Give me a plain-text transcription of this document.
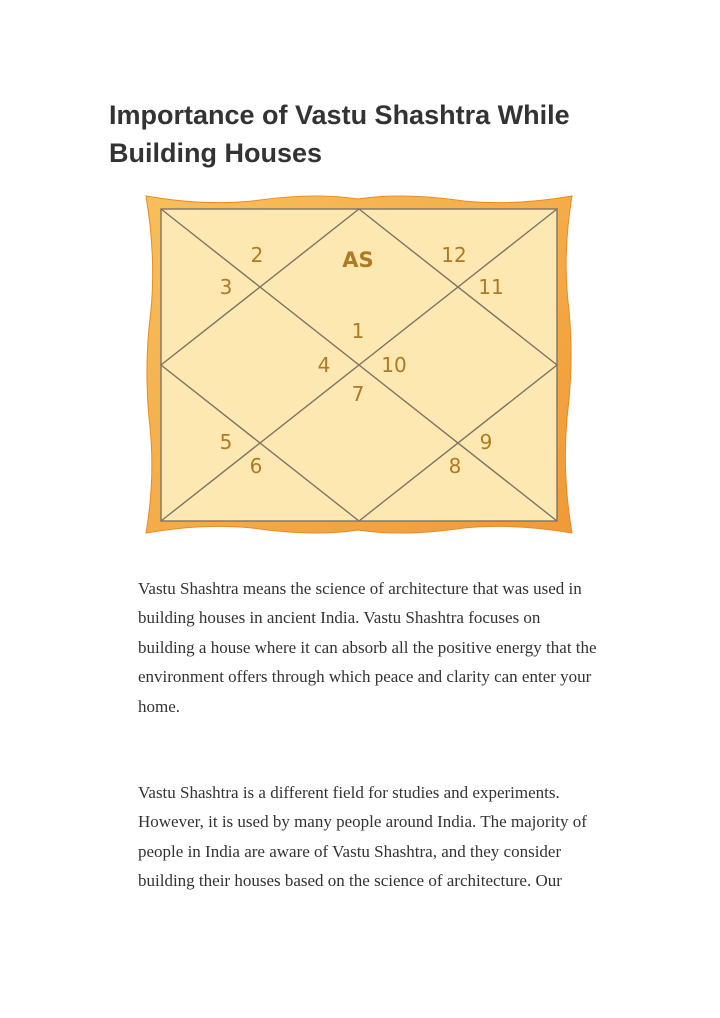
Importance of Vastu Shashtra While Building Houses
2	AS	12
3	11
1
4	10
7
5	9
6	8

Vastu Shashtra means the science of architecture that was used in building houses in ancient India. Vastu Shashtra focuses on building a house where it can absorb all the positive energy that the environment offers through which peace and clarity can enter your home.

Vastu Shashtra is a different field for studies and experiments. However, it is used by many people around India. The majority of people in India are aware of Vastu Shashtra, and they consider building their houses based on the science of architecture. Our
